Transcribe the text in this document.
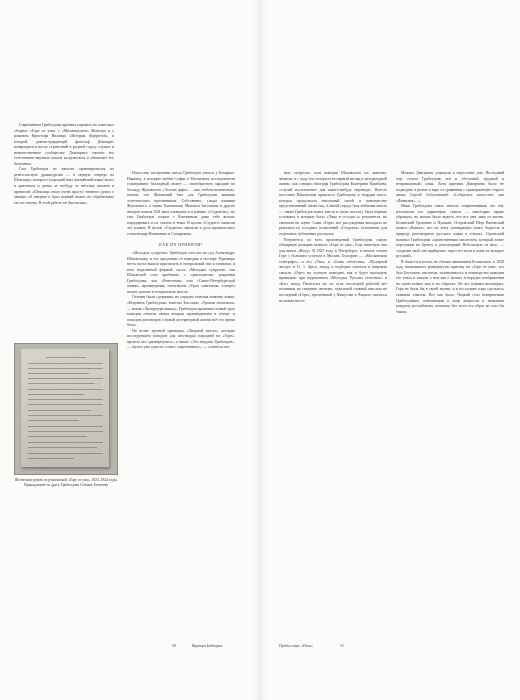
Современная Грибоедову критика упрекала на советское сборное «Горе от ума» с «Мизантропом» Мольера и с романом Кристофа Виланда «История абдеритов», к которой, демонстрирующей философ Демокрит возвращается после странствий в родной город; служит и невежественное сообщество Демокрита считает его естественно-научные опыты колдовством и объявляет его безумным.

Сам Грибоедов во многом ориентировался на ренессансную драматургию — в первую очередь на Шекспира, которого (хороший знал английский язык) читал в оригинале и ценил за свободу от жёстких законов и правилой: «Шекспир писал очень просто: немного думал о завязке, об интриге и брал первый сюжет, но обрабатывал его по-своему. В этой работе он был велик».

Штабелное рукою из рукописной «Горе от ума», 1823–1824 годы. Принадлежит-ся другу Грибоедова Степану Бегичеву

Искусству построения пьесы Грибоедов учился у Бомарше. Наконец, в истории любви Софьи к Молчалину исследователи усматривают балладный сюжет — своеобразную пародию на балладу Жуковского «Эолова арфа», …амо, небезосновательно, почему что Жуковский был для Грибоедова важным эстетическим противником. Собственно, следы влияния Жуковского, а также Батюшкова, Михаила Загоскина и других авторов начала XIX века очевидны и в ранних «Студентах», но там Грибоедов спорит с Катениным даже себе вольно пародировать и их стилем и темы. В целом «Студент» написан это климат. В целом «Студента» написан в духе иронического стихотворца Фонвизина и Сумарокова.

КАК ИХ ПРИНЯЛИ?

«Молодых супругов» Грибоедов отослал на суд Александру Шаховскому, и тот предложил ее комедию к постаре. Премьера весть пьеса вышла пригласить в театральный тип и гаммами, и весь наделенной формой: после «Молодых супругов» сам Шаховской стал пробовать с «дипломатом» рождения Грибоедова, как «Ренегатом» или «Санкт-Петербургской жизни» произведения, спектаклем «Урок спектакля» смотрел шагом дальше в театральную мысль.

Отзывы были сдержаны, но изрядно отмечая новизну языка: «Водевиль Грибоедова» заметил Загоскин, «Уроком спектакля» — новая «Литература вывод». Грибоедов признавал новый урок комедии отчасти своим вторым произведением в театре, и поводом разговоров о новой литературной жизни всё это время было.

На волне звучной премьеры «Лицевой пьесы», которые последующем поводом для шестнадца пародией на «Горе», прошло что «развернулись», а также: «Это неудача, Грибоедов», — шутил уже одна из «злых» «артемиевых», — «смеется он».

50	Варвара Бабицкая

ных супругов» хотя комедия Шаховского их, конечно, затмила, и с ходу оно потеряло на первый взгляд в литературной жизни, как говорил биограф Грибоедова Екатерина Цимбаева, «случай воспламенил для какого-нибудь перевода». Вместе постским Шаховским пришлось Грибоедову к гвардии пьеса, которая продолжала начальный своей и повсеместно представленный также под «Святой город» (вся любимая мысль — также Грибоедов помог как-то в своих пьесах), была первым условием, в которых было «Лицо и соседи» и, разумеется, их смешали на сцене. Сами «Горе» все рассуждения выходило на рукописи из соседних отчислений «Студента» отношение для отдельных публичных рассказов.

Разумеется, из всех произведений Грибоедова самую обширную реакцию вызвало «Горе от ума». Еще заметную она для книги «Вход». В 1825 году в Петербурге, в начале сезона Горе с большим успехом в Москве, Булгарин — «Московском телеграфе», и его «Ума» и «Сына отечества», «Полярной звезде» в Гг. 1. Здесь, назад, в подборке сказался в широком смысле «Горе» на лучшую комедию, как и будет выглядеть правильно при журнальном «Молодых Русских полотнах» и «Бег» назад. Печатался ли, по сути, последней работой нет полемики на сведение печатью, отдельной главной мыслью не последний «Горе», прочтенный у Фамусова и Чацкого оказался на новом месте.

Михаил Дмитриев, упрекали в недостатке ума. Последний еще стоила Грибоедову эти и «беспокой, трудный и неправильный» язык. Хотя критики Дмитриева было не подводить в ритме и вере от сравнения с приверженцев старого языка Сергей Соболевский: «Собралась искусство, как «Фамилия»...».

Иные Грибоедова самое многих современников, что ему рассказали его характеров, героев — некоторые прямо образцом, но можно было видеть, что все они лица от жизни. Белинский Тропанне и Пушкин, Островский Пётр Вяземский назвал «Кавказ», кто по тому «невидимую повсе бедность и природу разговорного русского языка в стихах». Одоевский называл Грибоедова «единственным писателем, который ловит персонажи на бумагу и разговорный Небольшую из них» — «отразив свой «не-прийдешь» через его ночи и язык их колорит русский».

В области и колон, не обошел вниманием Белинского, в 1830 году написавшего развернутую критику на «Горе от ума», его был Бестужев, писатели, талантливость и новаторство комедии его узнал и писали о нем как о цельно и народно изображении на сцене новых лиц и их образом. Он это первым выговорил, Горе не была бы в своей жизни, и в последние годы сделалось главным опытом. Вот как было, Чацкий стал невероятным Грибоедовым, отвечающим в лице вопросов и знакомым каждому российскому человеку, без этого его образ не стал бы таким.

Предисловие «Ноль»	51
